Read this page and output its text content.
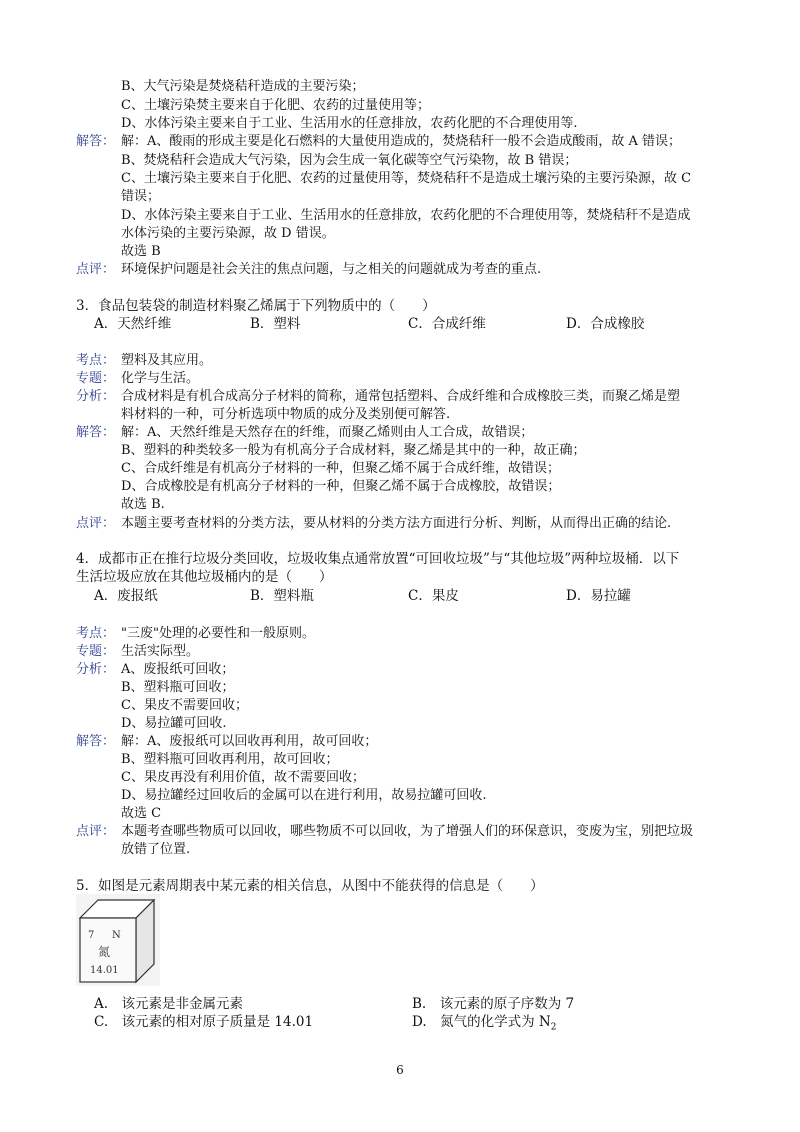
B、大气污染是焚烧秸秆造成的主要污染；
C、土壤污染焚主要来自于化肥、农药的过量使用等；
D、水体污染主要来自于工业、生活用水的任意排放，农药化肥的不合理使用等.
解答： 解：A、酸雨的形成主要是化石燃料的大量使用造成的，焚烧秸秆一般不会造成酸雨，故 A 错误；
B、焚烧秸秆会造成大气污染，因为会生成一氧化碳等空气污染物，故 B 错误；
C、土壤污染主要来自于化肥、农药的过量使用等，焚烧秸秆不是造成土壤污染的主要污染源，故 C
错误；
D、水体污染主要来自于工业、生活用水的任意排放，农药化肥的不合理使用等，焚烧秸秆不是造成
水体污染的主要污染源，故 D 错误。
故选 B
点评： 环境保护问题是社会关注的焦点问题，与之相关的问题就成为考查的重点.
3．食品包装袋的制造材料聚乙烯属于下列物质中的（　　）
A．天然纤维	B．塑料	C．合成纤维	D．合成橡胶
考点： 塑料及其应用。
专题： 化学与生活。
分析： 合成材料是有机合成高分子材料的简称，通常包括塑料、合成纤维和合成橡胶三类，而聚乙烯是塑
料材料的一种，可分析选项中物质的成分及类别便可解答.
解答： 解：A、天然纤维是天然存在的纤维，而聚乙烯则由人工合成，故错误；
B、塑料的种类较多一般为有机高分子合成材料，聚乙烯是其中的一种，故正确；
C、合成纤维是有机高分子材料的一种，但聚乙烯不属于合成纤维，故错误；
D、合成橡胶是有机高分子材料的一种，但聚乙烯不属于合成橡胶，故错误；
故选 B.
点评： 本题主要考查材料的分类方法，要从材料的分类方法方面进行分析、判断，从而得出正确的结论.
4．成都市正在推行垃圾分类回收，垃圾收集点通常放置“可回收垃圾”与“其他垃圾”两种垃圾桶．以下
生活垃圾应放在其他垃圾桶内的是（　　）
A．废报纸	B．塑料瓶	C．果皮	D．易拉罐
考点： "三废"处理的必要性和一般原则。
专题： 生活实际型。
分析： A、废报纸可回收；
B、塑料瓶可回收；
C、果皮不需要回收；
D、易拉罐可回收.
解答： 解：A、废报纸可以回收再利用，故可回收；
B、塑料瓶可回收再利用，故可回收；
C、果皮再没有利用价值，故不需要回收；
D、易拉罐经过回收后的金属可以在进行利用，故易拉罐可回收.
故选 C
点评： 本题考查哪些物质可以回收，哪些物质不可以回收，为了增强人们的环保意识，变废为宝，别把垃圾
放错了位置.
5．如图是元素周期表中某元素的相关信息，从图中不能获得的信息是（　　）
7 N
氮
14.01
A.　该元素是非金属元素	B.　该元素的原子序数为 7
C.　该元素的相对原子质量是 14.01	D.　氮气的化学式为 $N_2$
6
